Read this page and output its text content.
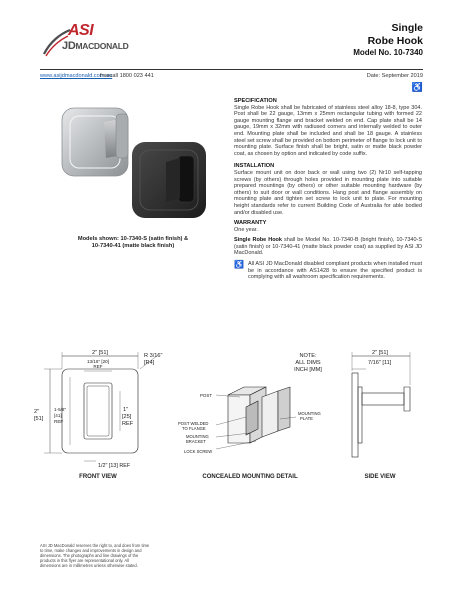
ASI
JDMACDONALD
Single
Robe Hook
Model No. 10-7340
www.asijdmacdonald.com.au
freecall 1800 023 441	Date: September 2019
♿
Models shown: 10-7340-S (satin finish) &
10-7340-41 (matte black finish)
SPECIFICATION

Single Robe Hook shall be fabricated of stainless steel alloy 18-8, type 304. Post shall be 22 gauge, 13mm x 25mm rectangular tubing with formed 22 gauge mounting flange and bracket welded on end. Cap plate shall be 14 gauge, 19mm x 32mm with radiused corners and internally welded to outer end. Mounting plate shall be included and shall be 18 gauge. A stainless steel set screw shall be provided on bottom perimeter of flange to lock unit to mounting plate. Surface finish shall be bright, satin or matte black powder coat, as chosen by option and indicated by code suffix.

INSTALLATION

Surface mount unit on door back or wall using two (2) Nr10 self-tapping screws (by others) through holes provided in mounting plate into suitable prepared mountings (by others) or other suitable mounting hardware (by others) to suit door or wall conditions. Hang post and flange assembly on mounting plate and tighten set screw to lock unit to plate. For mounting height standards refer to current Building Code of Australia for able bodied and/or disabled use.

WARRANTY

One year.

Single Robe Hook shall be Model No. 10-7340-B (bright finish), 10-7340-S (satin finish) or 10-7340-41 (matte black powder coat) as supplied by ASI JD MacDonald.

♿ All ASI JD MacDonald disabled compliant products when installed must be in accordance with AS1428 to ensure the specified product is complying with all washroom specification requirements.

2" [51]
13/16" [20]
REF
R 3/16"
[R4]
2"
[51]
1-5/8"
[41]
REF
1"
[25]
REF
1/2" [13] REF
FRONT VIEW
POST
POST WELDED
TO FLANGE
MOUNTING
BRACKET
LOCK SCREW
MOUNTING
PLATE
CONCEALED MOUNTING DETAIL
NOTE:
ALL DIMS
INCH [MM]
2" [51]
7/16" [11]
SIDE VIEW
ASI JD MacDonald reserves the right to, and does from time to time, make changes and improvements in design and dimensions. The photographs and line drawings of the products in this flyer are representational only. All dimensions are in millimetres unless otherwise stated.
